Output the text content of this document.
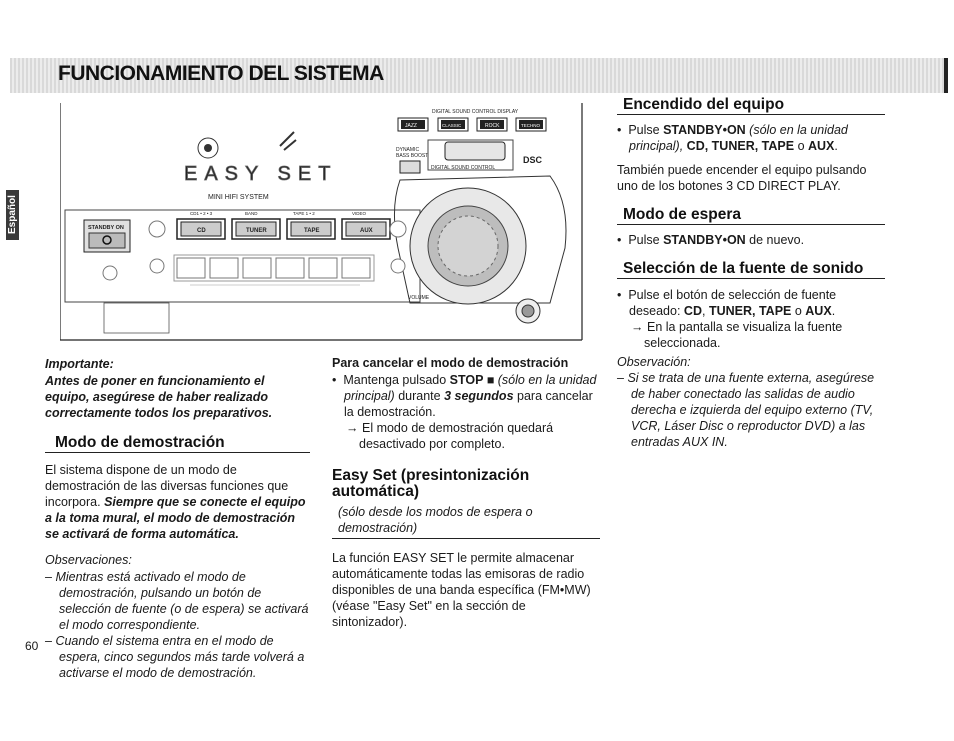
FUNCIONAMIENTO DEL SISTEMA
Español
EASY SET
MINI HIFI SYSTEM
DIGITAL SOUND CONTROL DISPLAY
JAZZ	CLASSIC	ROCK	TECHNO
DYNAMIC
BASS BOOST
DIGITAL SOUND CONTROL
DSC
VOLUME
CD1 • 2 • 3	BAND	TAPE 1 • 2	VIDEO
STANDBY ON	CD	TUNER	TAPE	AUX

Importante:

Antes de poner en funcionamiento el equipo, asegúrese de haber realizado correctamente todos los preparativos.

Modo de demostración

El sistema dispone de un modo de demostración de las diversas funciones que incorpora. Siempre que se conecte el equipo a la toma mural, el modo de demostración se activará de forma automática.

Observaciones:

– Mientras está activado el modo de demostración, pulsando un botón de selección de fuente (o de espera) se activará el modo correspondiente.

– Cuando el sistema entra en el modo de espera, cinco segundos más tarde volverá a activarse el modo de demostración.

Para cancelar el modo de demostración

•  Mantenga pulsado STOP ■ (sólo en la unidad principal) durante 3 segundos para cancelar la demostración.

→ El modo de demostración quedará desactivado por completo.

Easy Set (presintonización automática)

(sólo desde los modos de espera o demostración)

La función EASY SET le permite almacenar automáticamente todas las emisoras de radio disponibles de una banda específica (FM•MW) (véase "Easy Set" en la sección de sintonizador).

Encendido del equipo

•  Pulse STANDBY•ON (sólo en la unidad principal), CD, TUNER, TAPE o AUX.

También puede encender el equipo pulsando uno de los botones 3 CD DIRECT PLAY.

Modo de espera

•  Pulse STANDBY•ON de nuevo.

Selección de la fuente de sonido

•  Pulse el botón de selección de fuente deseado: CD, TUNER, TAPE o AUX.

→ En la pantalla se visualiza la fuente seleccionada.

Observación:

– Si se trata de una fuente externa, asegúrese de haber conectado las salidas de audio derecha e izquierda del equipo externo (TV, VCR, Láser Disc o reproductor DVD) a las entradas AUX IN.

60
